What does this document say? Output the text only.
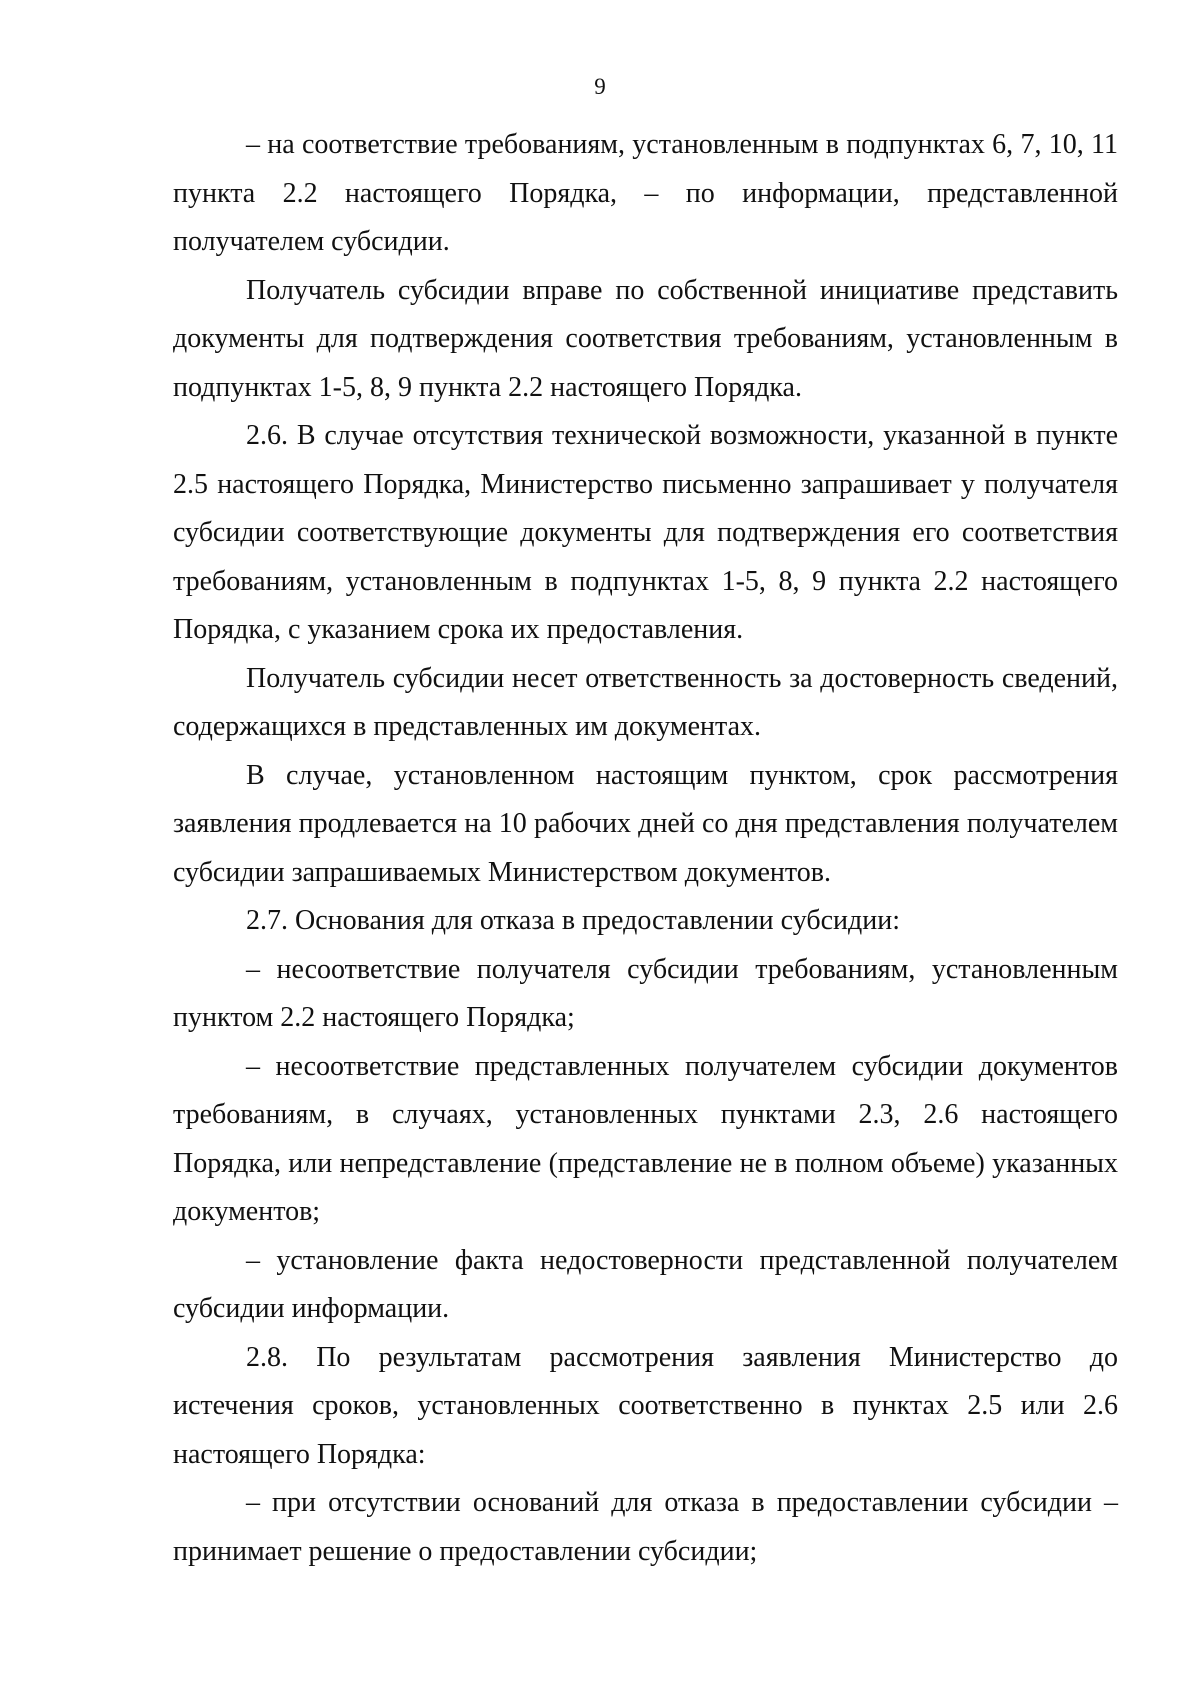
9

– на соответствие требованиям, установленным в подпунктах 6, 7, 10, 11 пункта 2.2 настоящего Порядка, – по информации, представленной получателем субсидии.

Получатель субсидии вправе по собственной инициативе представить документы для подтверждения соответствия требованиям, установленным в подпунктах 1-5, 8, 9 пункта 2.2 настоящего Порядка.

2.6. В случае отсутствия технической возможности, указанной в пункте 2.5 настоящего Порядка, Министерство письменно запрашивает у получателя субсидии соответствующие документы для подтверждения его соответствия требованиям, установленным в подпунктах 1-5, 8, 9 пункта 2.2 настоящего Порядка, с указанием срока их предоставления.

Получатель субсидии несет ответственность за достоверность сведений, содержащихся в представленных им документах.

В случае, установленном настоящим пунктом, срок рассмотрения заявления продлевается на 10 рабочих дней со дня представления получателем субсидии запрашиваемых Министерством документов.

2.7. Основания для отказа в предоставлении субсидии:

– несоответствие получателя субсидии требованиям, установленным пунктом 2.2 настоящего Порядка;

– несоответствие представленных получателем субсидии документов требованиям, в случаях, установленных пунктами 2.3, 2.6 настоящего Порядка, или непредставление (представление не в полном объеме) указанных документов;

– установление факта недостоверности представленной получателем субсидии информации.

2.8. По результатам рассмотрения заявления Министерство до истечения сроков, установленных соответственно в пунктах 2.5 или 2.6 настоящего Порядка:

– при отсутствии оснований для отказа в предоставлении субсидии – принимает решение о предоставлении субсидии;
